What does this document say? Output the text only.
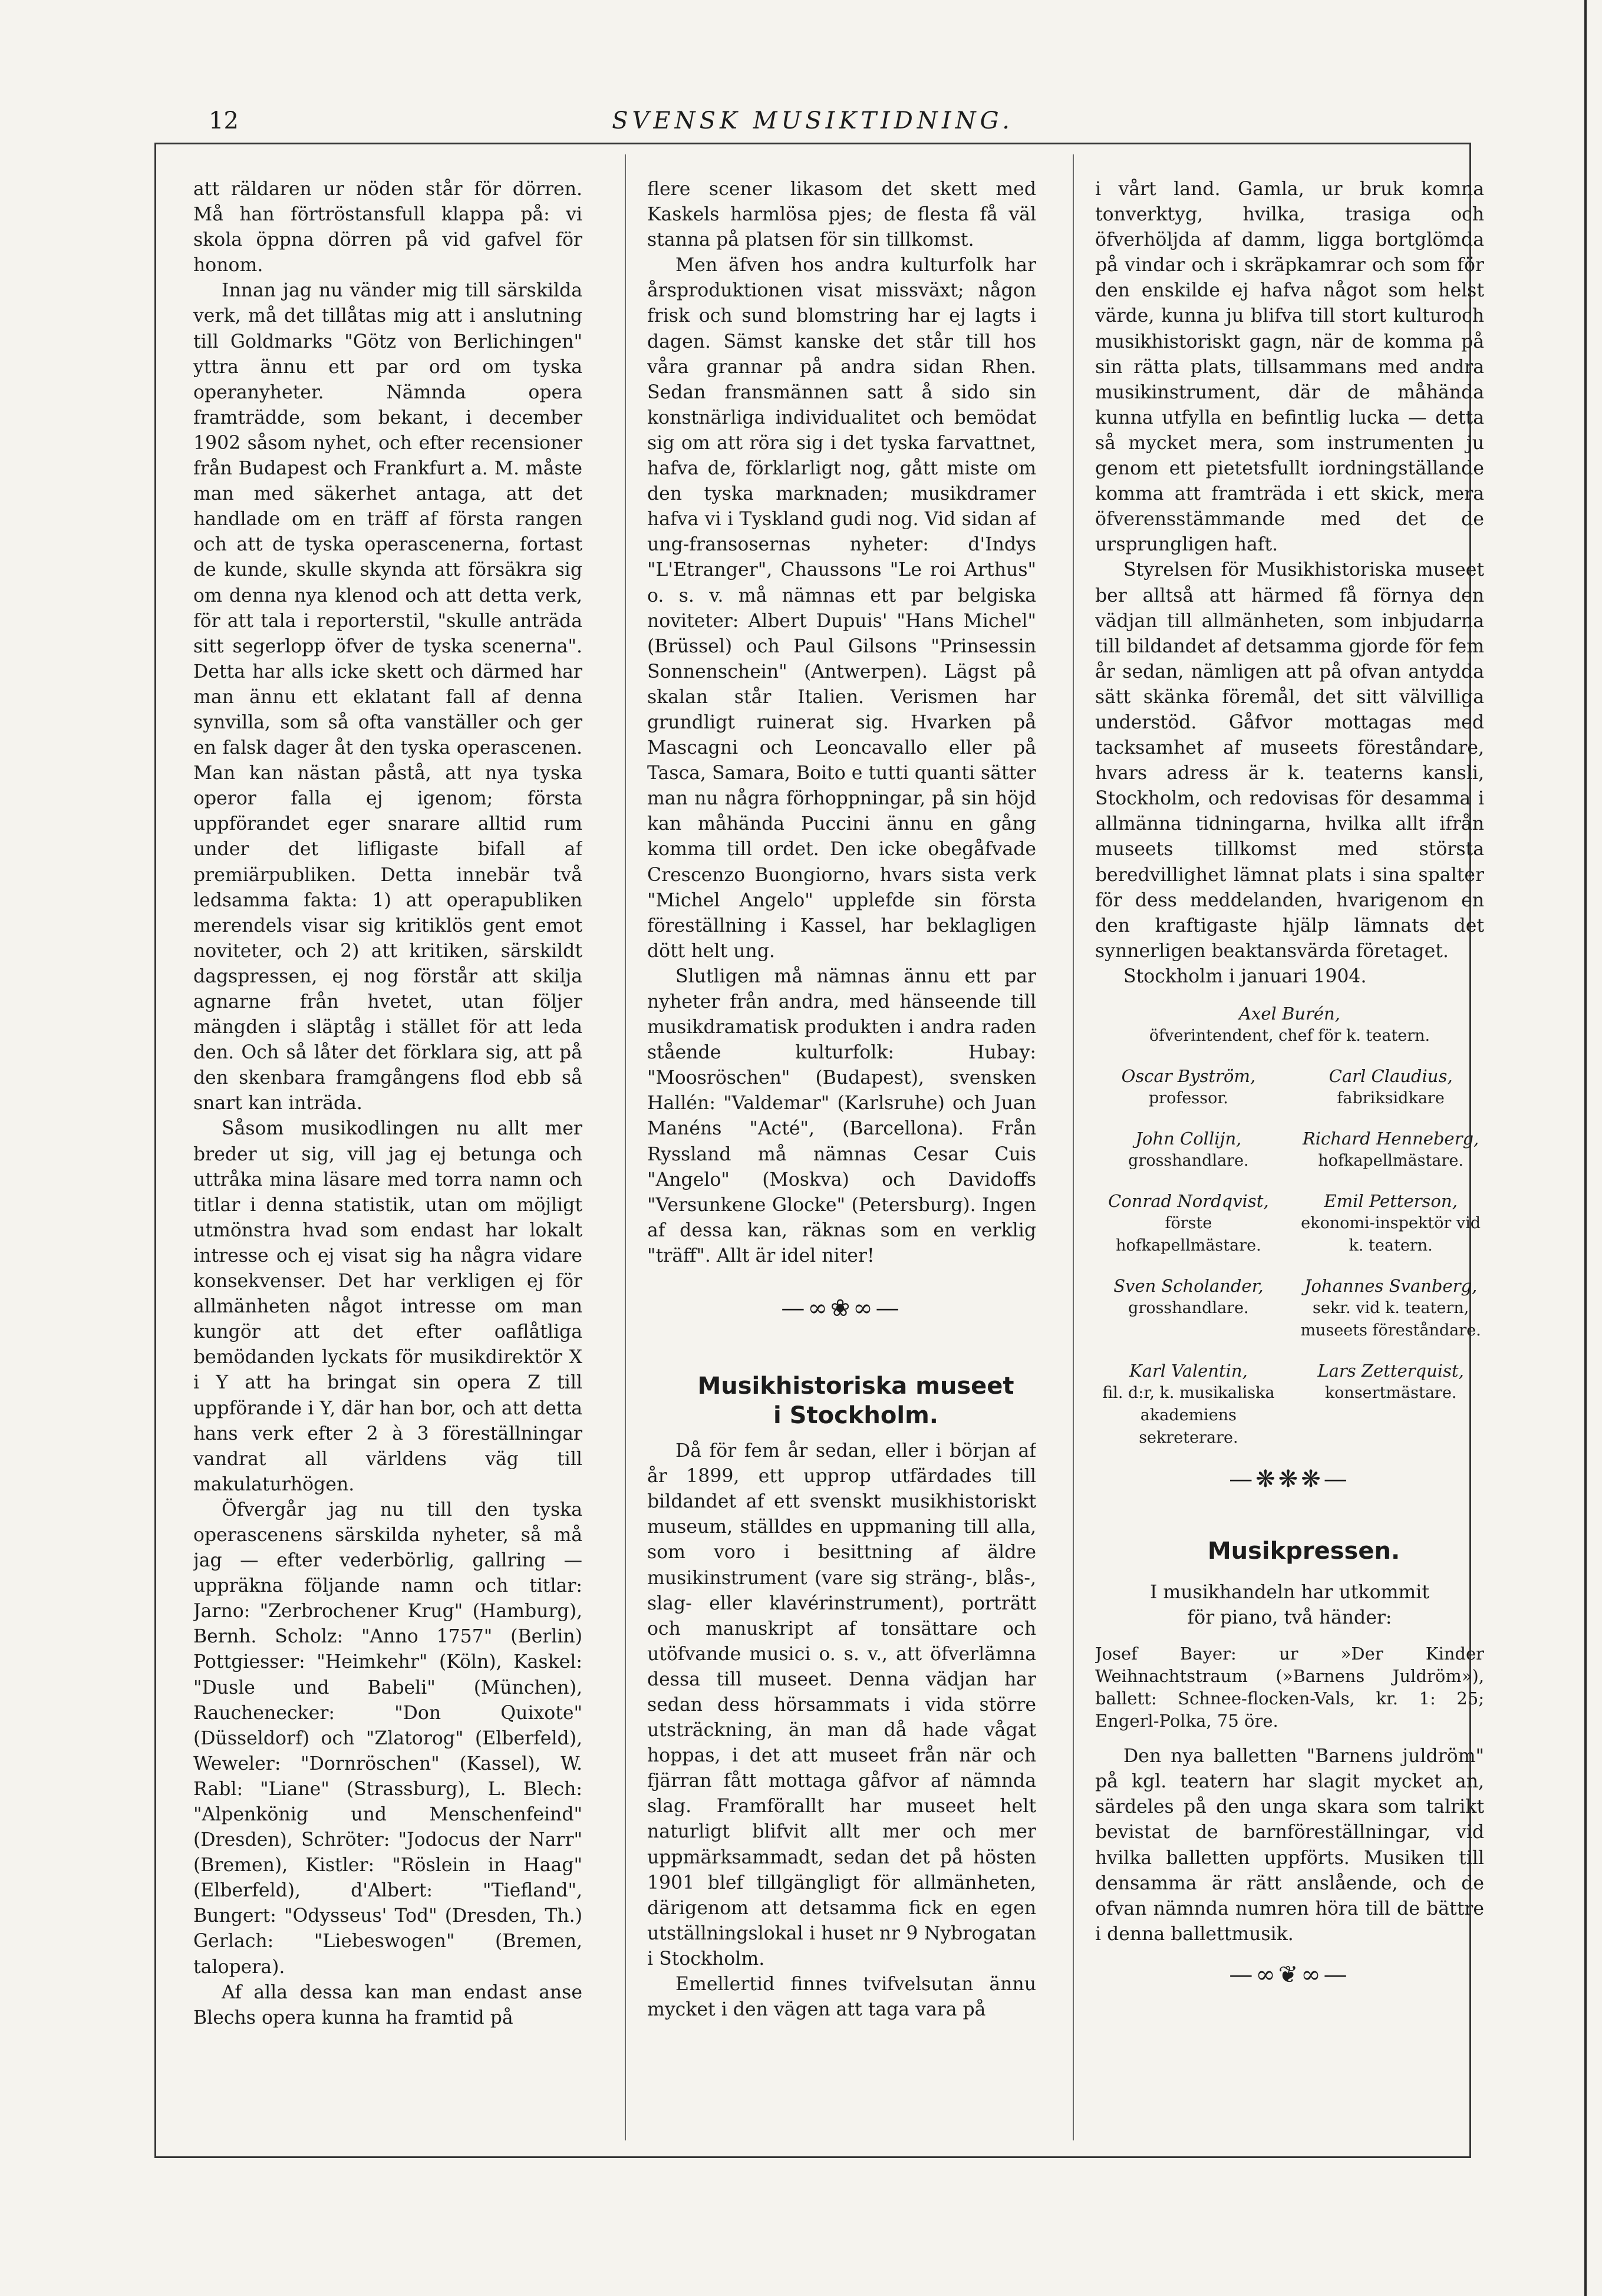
12	SVENSK MUSIKTIDNING.

att räldaren ur nöden står för dörren. Må han förtröstansfull klappa på: vi skola öppna dörren på vid gafvel för honom.

Innan jag nu vänder mig till särskilda verk, må det tillåtas mig att i anslutning till Goldmarks "Götz von Berlichingen" yttra ännu ett par ord om tyska operanyheter. Nämnda opera framträdde, som bekant, i december 1902 såsom nyhet, och efter recensioner från Budapest och Frankfurt a. M. måste man med säkerhet antaga, att det handlade om en träff af första rangen och att de tyska operascenerna, fortast de kunde, skulle skynda att försäkra sig om denna nya klenod och att detta verk, för att tala i reporterstil, "skulle anträda sitt segerlopp öfver de tyska scenerna". Detta har alls icke skett och därmed har man ännu ett eklatant fall af denna synvilla, som så ofta vanställer och ger en falsk dager åt den tyska operascenen. Man kan nästan påstå, att nya tyska operor falla ej igenom; första uppförandet eger snarare alltid rum under det lifligaste bifall af premiärpubliken. Detta innebär två ledsamma fakta: 1) att operapubliken merendels visar sig kritiklös gent emot noviteter, och 2) att kritiken, särskildt dagspressen, ej nog förstår att skilja agnarne från hvetet, utan följer mängden i släptåg i stället för att leda den. Och så låter det förklara sig, att på den skenbara framgångens flod ebb så snart kan inträda.

Såsom musikodlingen nu allt mer breder ut sig, vill jag ej betunga och uttråka mina läsare med torra namn och titlar i denna statistik, utan om möjligt utmönstra hvad som endast har lokalt intresse och ej visat sig ha några vidare konsekvenser. Det har verkligen ej för allmänheten något intresse om man kungör att det efter oaflåtliga bemödanden lyckats för musikdirektör X i Y att ha bringat sin opera Z till uppförande i Y, där han bor, och att detta hans verk efter 2 à 3 föreställningar vandrat all världens väg till makulaturhögen.

Öfvergår jag nu till den tyska operascenens särskilda nyheter, så må jag — efter vederbörlig, gallring — uppräkna följande namn och titlar: Jarno: "Zerbrochener Krug" (Hamburg), Bernh. Scholz: "Anno 1757" (Berlin) Pottgiesser: "Heimkehr" (Köln), Kaskel: "Dusle und Babeli" (München), Rauchenecker: "Don Quixote" (Düsseldorf) och "Zlatorog" (Elberfeld), Weweler: "Dornröschen" (Kassel), W. Rabl: "Liane" (Strassburg), L. Blech: "Alpenkönig und Menschenfeind" (Dresden), Schröter: "Jodocus der Narr" (Bremen), Kistler: "Röslein in Haag" (Elberfeld), d'Albert: "Tiefland", Bungert: "Odysseus' Tod" (Dresden, Th.) Gerlach: "Liebeswogen" (Bremen, talopera).

Af alla dessa kan man endast anse Blechs opera kunna ha framtid på

flere scener likasom det skett med Kaskels harmlösa pjes; de flesta få väl stanna på platsen för sin tillkomst.

Men äfven hos andra kulturfolk har årsproduktionen visat missväxt; någon frisk och sund blomstring har ej lagts i dagen. Sämst kanske det står till hos våra grannar på andra sidan Rhen. Sedan fransmännen satt å sido sin konstnärliga individualitet och bemödat sig om att röra sig i det tyska farvattnet, hafva de, förklarligt nog, gått miste om den tyska marknaden; musikdramer hafva vi i Tyskland gudi nog. Vid sidan af ung-fransosernas nyheter: d'Indys "L'Etranger", Chaussons "Le roi Arthus" o. s. v. må nämnas ett par belgiska noviteter: Albert Dupuis' "Hans Michel" (Brüssel) och Paul Gilsons "Prinsessin Sonnenschein" (Antwerpen). Lägst på skalan står Italien. Verismen har grundligt ruinerat sig. Hvarken på Mascagni och Leoncavallo eller på Tasca, Samara, Boito e tutti quanti sätter man nu några förhoppningar, på sin höjd kan måhända Puccini ännu en gång komma till ordet. Den icke obegåfvade Crescenzo Buongiorno, hvars sista verk "Michel Angelo" upplefde sin första föreställning i Kassel, har beklagligen dött helt ung.

Slutligen må nämnas ännu ett par nyheter från andra, med hänseende till musikdramatisk produkten i andra raden stående kulturfolk: Hubay: "Moosröschen" (Budapest), svensken Hallén: "Valdemar" (Karlsruhe) och Juan Manéns "Acté", (Barcellona). Från Ryssland må nämnas Cesar Cuis "Angelo" (Moskva) och Davidoffs "Versunkene Glocke" (Petersburg). Ingen af dessa kan, räknas som en verklig "träff". Allt är idel niter!

—∞❀∞—

Musikhistoriska museet

i Stockholm.

Då för fem år sedan, eller i början af år 1899, ett upprop utfärdades till bildandet af ett svenskt musikhistoriskt museum, ställdes en uppmaning till alla, som voro i besittning af äldre musikinstrument (vare sig sträng-, blås-, slag- eller klavérinstrument), porträtt och manuskript af tonsättare och utöfvande musici o. s. v., att öfverlämna dessa till museet. Denna vädjan har sedan dess hörsammats i vida större utsträckning, än man då hade vågat hoppas, i det att museet från när och fjärran fått mottaga gåfvor af nämnda slag. Framförallt har museet helt naturligt blifvit allt mer och mer uppmärksammadt, sedan det på hösten 1901 blef tillgängligt för allmänheten, därigenom att detsamma fick en egen utställningslokal i huset nr 9 Nybrogatan i Stockholm.

Emellertid finnes tvifvelsutan ännu mycket i den vägen att taga vara på

i vårt land. Gamla, ur bruk komna tonverktyg, hvilka, trasiga och öfverhöljda af damm, ligga bortglömda på vindar och i skräpkamrar och som för den enskilde ej hafva något som helst värde, kunna ju blifva till stort kulturoch musikhistoriskt gagn, när de komma på sin rätta plats, tillsammans med andra musikinstrument, där de måhända kunna utfylla en befintlig lucka — detta så mycket mera, som instrumenten ju genom ett pietetsfullt iordningställande komma att framträda i ett skick, mera öfverensstämmande med det de ursprungligen haft.

Styrelsen för Musikhistoriska museet ber alltså att härmed få förnya den vädjan till allmänheten, som inbjudarna till bildandet af detsamma gjorde för fem år sedan, nämligen att på ofvan antydda sätt skänka föremål, det sitt välvilliga understöd. Gåfvor mottagas med tacksamhet af museets föreståndare, hvars adress är k. teaterns kansli, Stockholm, och redovisas för desamma i allmänna tidningarna, hvilka allt ifrån museets tillkomst med största beredvillighet lämnat plats i sina spalter för dess meddelanden, hvarigenom en den kraftigaste hjälp lämnats det synnerligen beaktansvärda företaget.

Stockholm i januari 1904.

Axel Burén,
öfverintendent, chef för k. teatern.
Oscar Byström,
professor.
Carl Claudius,
fabriksidkare
John Collijn,
grosshandlare.
Richard Henneberg,
hofkapellmästare.
Conrad Nordqvist,
förste hofkapellmästare.
Emil Petterson,
ekonomi-inspektör vid k. teatern.
Sven Scholander,
grosshandlare.
Johannes Svanberg,
sekr. vid k. teatern, museets föreståndare.
Karl Valentin,
fil. d:r, k. musikaliska akademiens sekreterare.
Lars Zetterquist,
konsertmästare.
—❋❋❋—

Musikpressen.

I musikhandeln har utkommit
för piano, två händer:

Josef Bayer: ur »Der Kinder Weihnachtstraum (»Barnens Juldröm»), ballett: Schnee-flocken-Vals, kr. 1: 25; Engerl-Polka, 75 öre.

Den nya balletten "Barnens juldröm" på kgl. teatern har slagit mycket an, särdeles på den unga skara som talrikt bevistat de barnföreställningar, vid hvilka balletten uppförts. Musiken till densamma är rätt anslående, och de ofvan nämnda numren höra till de bättre i denna ballettmusik.

—∞❦∞—
